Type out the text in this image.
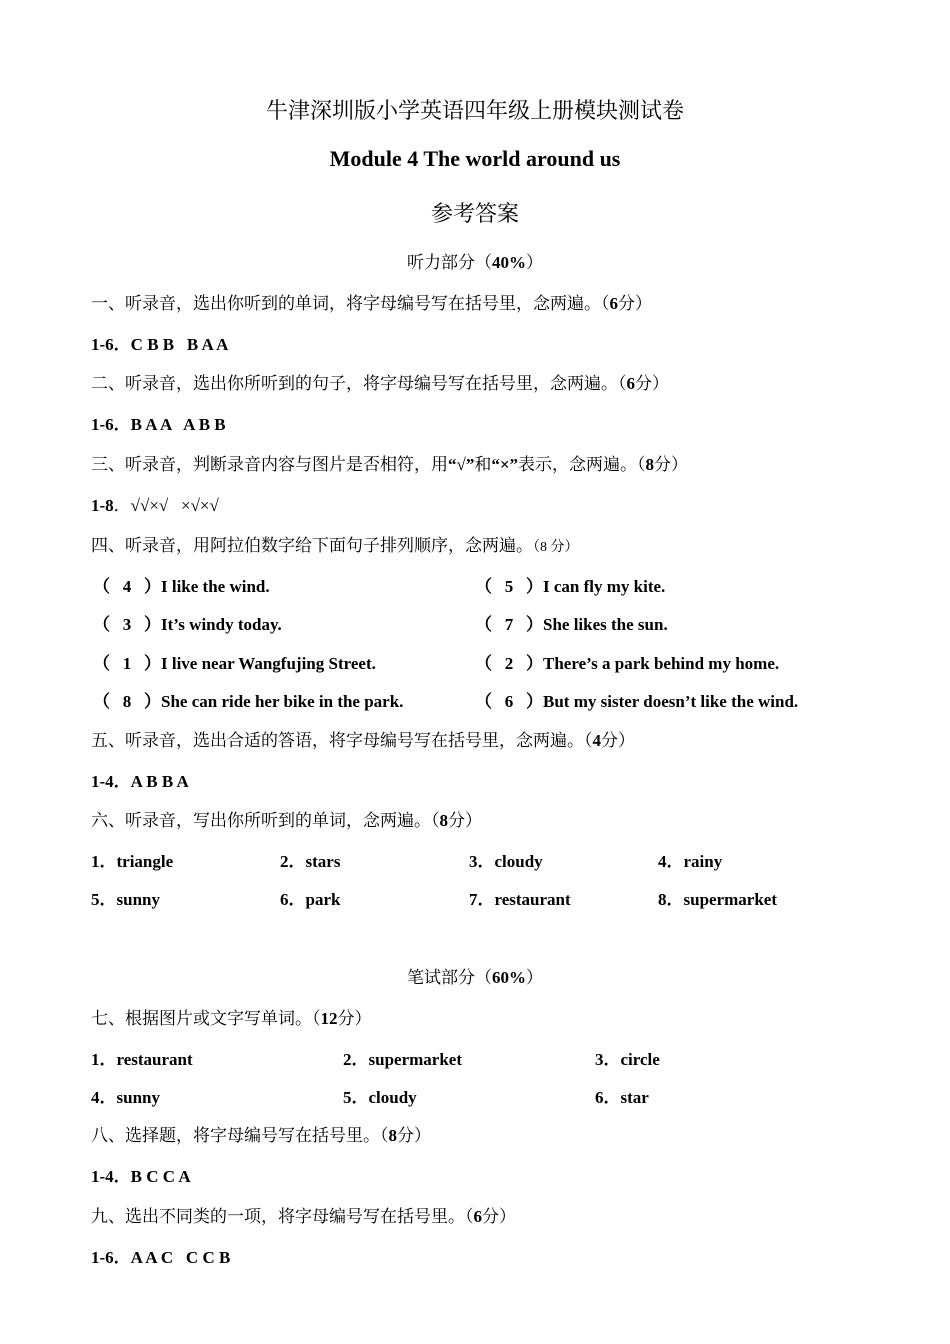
牛津深圳版小学英语四年级上册模块测试卷
Module 4 The world around us
参考答案
听力部分（40%）
一、听录音，选出你听到的单词，将字母编号写在括号里，念两遍。（6分）
1-6．C B B   B A A
二、听录音，选出你所听到的句子，将字母编号写在括号里，念两遍。（6分）
1-6．B A A   A B B
三、听录音，判断录音内容与图片是否相符，用“√”和“×”表示，念两遍。（8分）
1-8．√√×√   ×√×√
四、听录音，用阿拉伯数字给下面句子排列顺序，念两遍。（8 分）
（ 4 ）I like the wind.	（ 5 ）I can fly my kite.
（ 3 ）It’s windy today.	（ 7 ）She likes the sun.
（ 1 ）I live near Wangfujing Street.	（ 2 ）There’s a park behind my home.
（ 8 ）She can ride her bike in the park.	（ 6 ）But my sister doesn’t like the wind.
五、听录音，选出合适的答语，将字母编号写在括号里，念两遍。（4分）
1-4．A B B A
六、听录音，写出你所听到的单词，念两遍。（8分）
1．triangle	2．stars	3．cloudy	4．rainy
5．sunny	6．park	7．restaurant	8．supermarket
笔试部分（60%）
七、根据图片或文字写单词。（12分）
1．restaurant	2．supermarket	3．circle
4．sunny	5．cloudy	6．star
八、选择题，将字母编号写在括号里。（8分）
1-4．B C C A
九、选出不同类的一项，将字母编号写在括号里。（6分）
1-6．A A C   C C B
